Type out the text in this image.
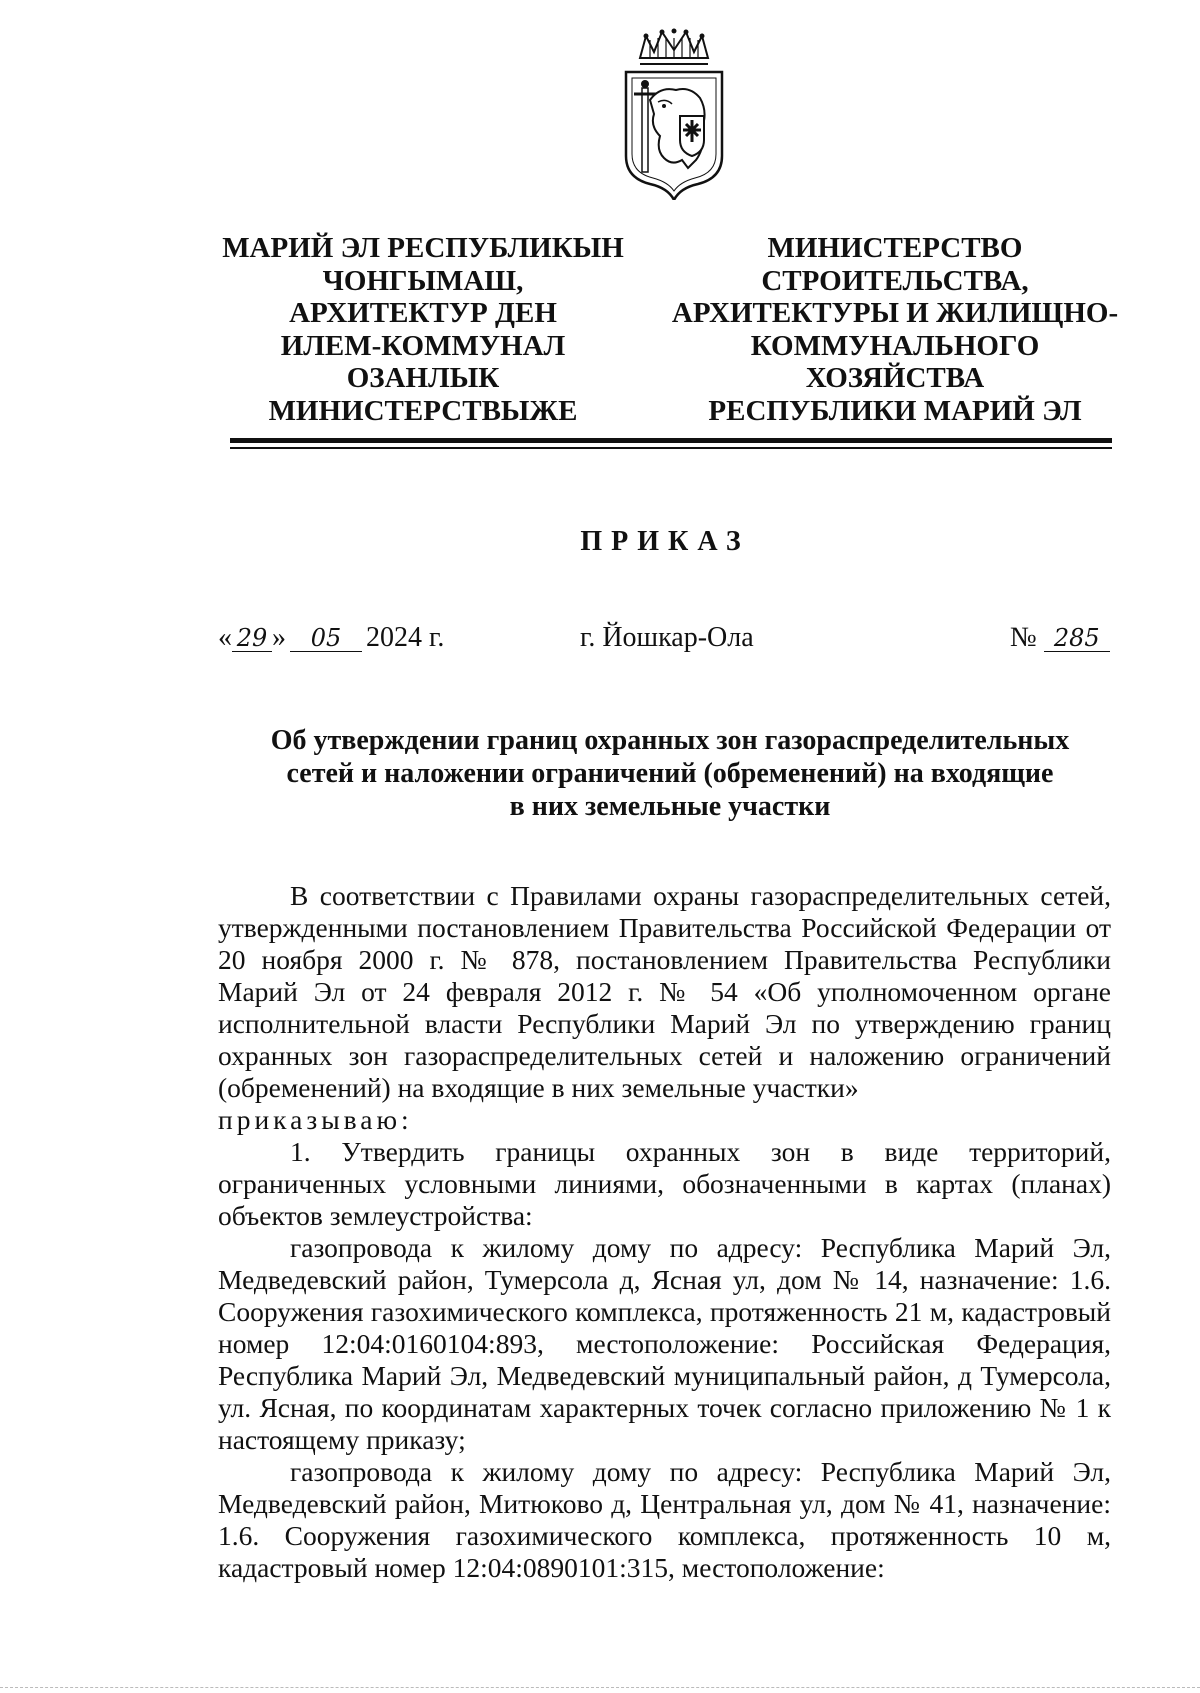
МАРИЙ ЭЛ РЕСПУБЛИКЫН
ЧОНГЫМАШ,
АРХИТЕКТУР ДЕН
ИЛЕМ-КОММУНАЛ
ОЗАНЛЫК
МИНИСТЕРСТВЫЖЕ
МИНИСТЕРСТВО
СТРОИТЕЛЬСТВА,
АРХИТЕКТУРЫ И ЖИЛИЩНО-
КОММУНАЛЬНОГО
ХОЗЯЙСТВА
РЕСПУБЛИКИ МАРИЙ ЭЛ
ПРИКАЗ
« 29 » 05 2024 г.	г. Йошкар-Ола	№ 285
Об утверждении границ охранных зон газораспределительных
сетей и наложении ограничений (обременений) на входящие
в них земельные участки

В соответствии с Правилами охраны газораспределительных сетей, утвержденными постановлением Правительства Российской Федерации от 20 ноября 2000 г. № 878, постановлением Правительства Республики Марий Эл от 24 февраля 2012 г. № 54 «Об уполномоченном органе исполнительной власти Республики Марий Эл по утверждению границ охранных зон газораспределительных сетей и наложению ограничений (обременений) на входящие в них земельные участки»

приказываю:

1. Утвердить границы охранных зон в виде территорий, ограниченных условными линиями, обозначенными в картах (планах) объектов землеустройства:

газопровода к жилому дому по адресу: Республика Марий Эл, Медведевский район, Тумерсола д, Ясная ул, дом № 14, назначение: 1.6. Сооружения газохимического комплекса, протяженность 21 м, кадастровый номер 12:04:0160104:893, местоположение: Российская Федерация, Республика Марий Эл, Медведевский муниципальный район, д Тумерсола, ул. Ясная, по координатам характерных точек согласно приложению № 1 к настоящему приказу;

газопровода к жилому дому по адресу: Республика Марий Эл, Медведевский район, Митюково д, Центральная ул, дом № 41, назначение: 1.6. Сооружения газохимического комплекса, протяженность 10 м, кадастровый номер 12:04:0890101:315, местоположение:
